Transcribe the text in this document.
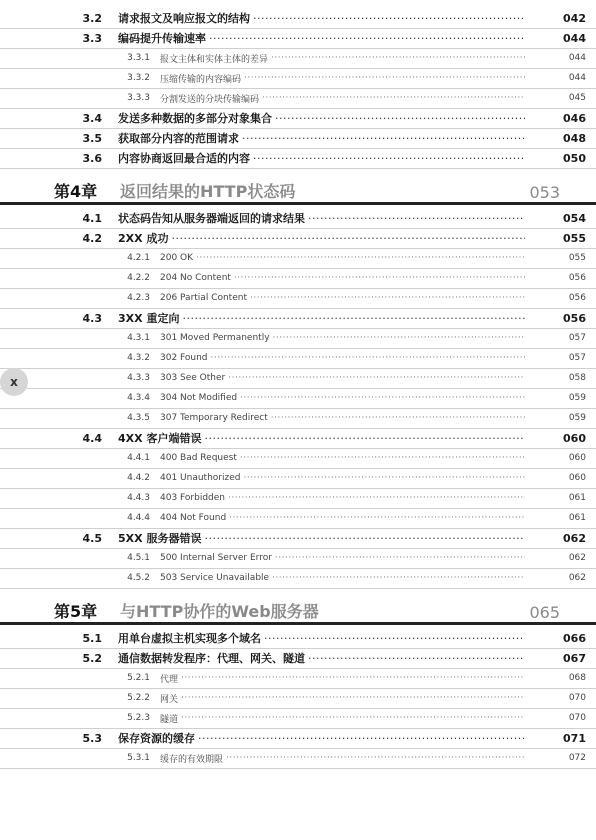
3.2	请求报文及响应报文的结构 ·····	042
3.3	编码提升传输速率 ·····	044
3.3.1	报文主体和实体主体的差异 ·····	044
3.3.2	压缩传输的内容编码 ·····	044
3.3.3	分割发送的分块传输编码 ·····	045
3.4	发送多种数据的多部分对象集合 ·····	046
3.5	获取部分内容的范围请求 ·····	048
3.6	内容协商返回最合适的内容 ·····	050
第4章	返回结果的HTTP状态码	053
4.1	状态码告知从服务器端返回的请求结果 ·····	054
4.2	2XX 成功 ·····	055
4.2.1	200 OK ·····	055
4.2.2	204 No Content ·····	056
4.2.3	206 Partial Content ·····	056
4.3	3XX 重定向 ·····	056
4.3.1	301 Moved Permanently ·····	057
4.3.2	302 Found ·····	057
4.3.3	303 See Other ·····	058
4.3.4	304 Not Modified ·····	059
4.3.5	307 Temporary Redirect ·····	059
4.4	4XX 客户端错误 ·····	060
4.4.1	400 Bad Request ·····	060
4.4.2	401 Unauthorized ·····	060
4.4.3	403 Forbidden ·····	061
4.4.4	404 Not Found ·····	061
4.5	5XX 服务器错误 ·····	062
4.5.1	500 Internal Server Error ·····	062
4.5.2	503 Service Unavailable ·····	062
第5章	与HTTP协作的Web服务器	065
5.1	用单台虚拟主机实现多个域名 ·····	066
5.2	通信数据转发程序：代理、网关、隧道 ·····	067
5.2.1	代理 ·····	068
5.2.2	网关 ·····	070
5.2.3	隧道 ·····	070
5.3	保存资源的缓存 ·····	071
5.3.1	缓存的有效期限 ·····	072
x
